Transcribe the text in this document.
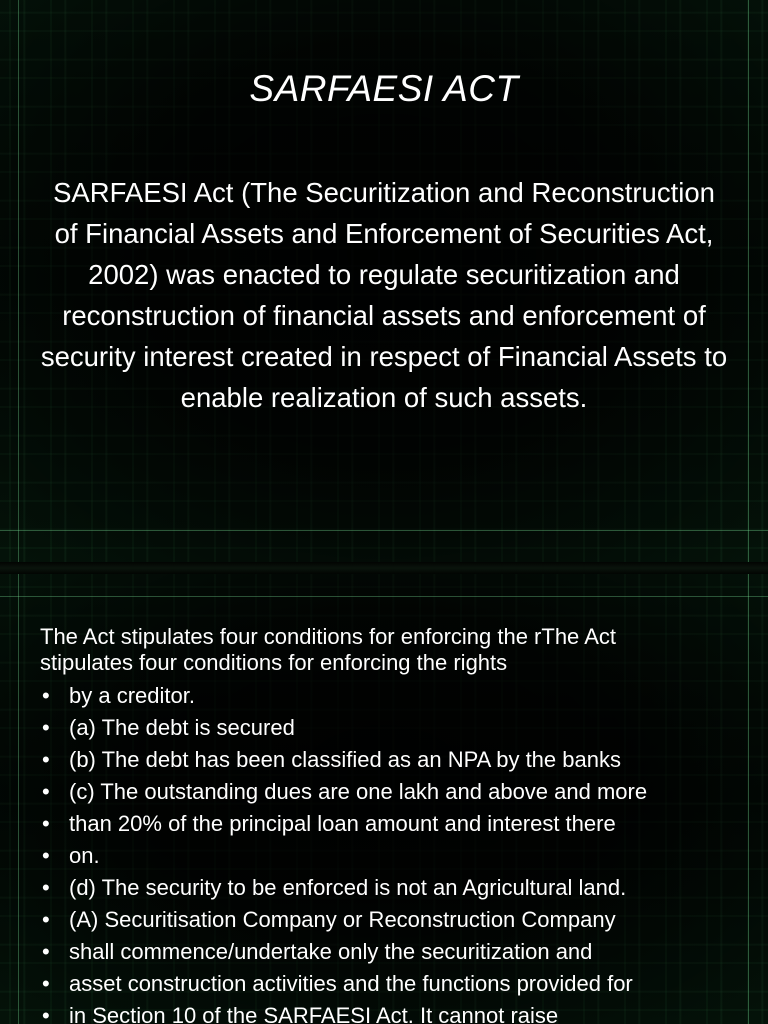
SARFAESI ACT

SARFAESI Act (The Securitization and Reconstruction of Financial Assets and Enforcement of Securities Act, 2002) was enacted to regulate securitization and reconstruction of financial assets and enforcement of security interest created in respect of Financial Assets to enable realization of such assets.

The Act stipulates four conditions for enforcing the rThe Act
stipulates four conditions for enforcing the rights

• by a creditor.
• (a) The debt is secured
• (b) The debt has been classified as an NPA by the banks
• (c) The outstanding dues are one lakh and above and more
• than 20% of the principal loan amount and interest there
• on.
• (d) The security to be enforced is not an Agricultural land.
• (A) Securitisation Company or Reconstruction Company
• shall commence/undertake only the securitization and
• asset construction activities and the functions provided for
• in Section 10 of the SARFAESI Act. It cannot raise
